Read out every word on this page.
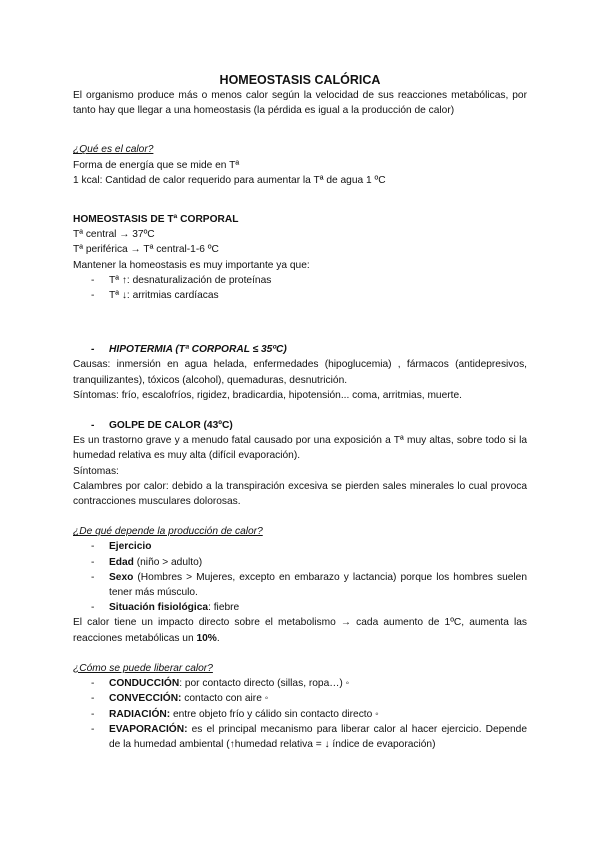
HOMEOSTASIS CALÓRICA

El organismo produce más o menos calor según la velocidad de sus reacciones metabólicas, por tanto hay que llegar a una homeostasis (la pérdida es igual a la producción de calor)

¿Qué es el calor?

Forma de energía que se mide en Tª

1 kcal: Cantidad de calor requerido para aumentar la Tª de agua 1 ºC

HOMEOSTASIS DE Tª CORPORAL

Tª central → 37ºC

Tª periférica → Tª central-1-6 ºC

Mantener la homeostasis es muy importante ya que:

- Tª ↑: desnaturalización de proteínas
- Tª ↓: arritmias cardíacas

- HIPOTERMIA (Tª CORPORAL ≤ 35ºC)

Causas: inmersión en agua helada, enfermedades (hipoglucemia) , fármacos (antidepresivos, tranquilizantes), tóxicos (alcohol), quemaduras, desnutrición.

Síntomas: frío, escalofríos, rigidez, bradicardia, hipotensión... coma, arritmias, muerte.

- GOLPE DE CALOR (43ºC)

Es un trastorno grave y a menudo fatal causado por una exposición a Tª muy altas, sobre todo si la humedad relativa es muy alta (difícil evaporación).

Síntomas:

Calambres por calor: debido a la transpiración excesiva se pierden sales minerales lo cual provoca contracciones musculares dolorosas.

¿De qué depende la producción de calor?

- Ejercicio
- Edad (niño > adulto)
- Sexo (Hombres > Mujeres, excepto en embarazo y lactancia) porque los hombres suelen tener más músculo.
- Situación fisiológica: fiebre

El calor tiene un impacto directo sobre el metabolismo → cada aumento de 1ºC, aumenta las reacciones metabólicas un 10%.

¿Cómo se puede liberar calor?

- CONDUCCIÓN: por contacto directo (sillas, ropa…) ◦
- CONVECCIÓN: contacto con aire ◦
- RADIACIÓN: entre objeto frío y cálido sin contacto directo ◦
- EVAPORACIÓN: es el principal mecanismo para liberar calor al hacer ejercicio. Depende de la humedad ambiental (↑humedad relativa = ↓ índice de evaporación)
